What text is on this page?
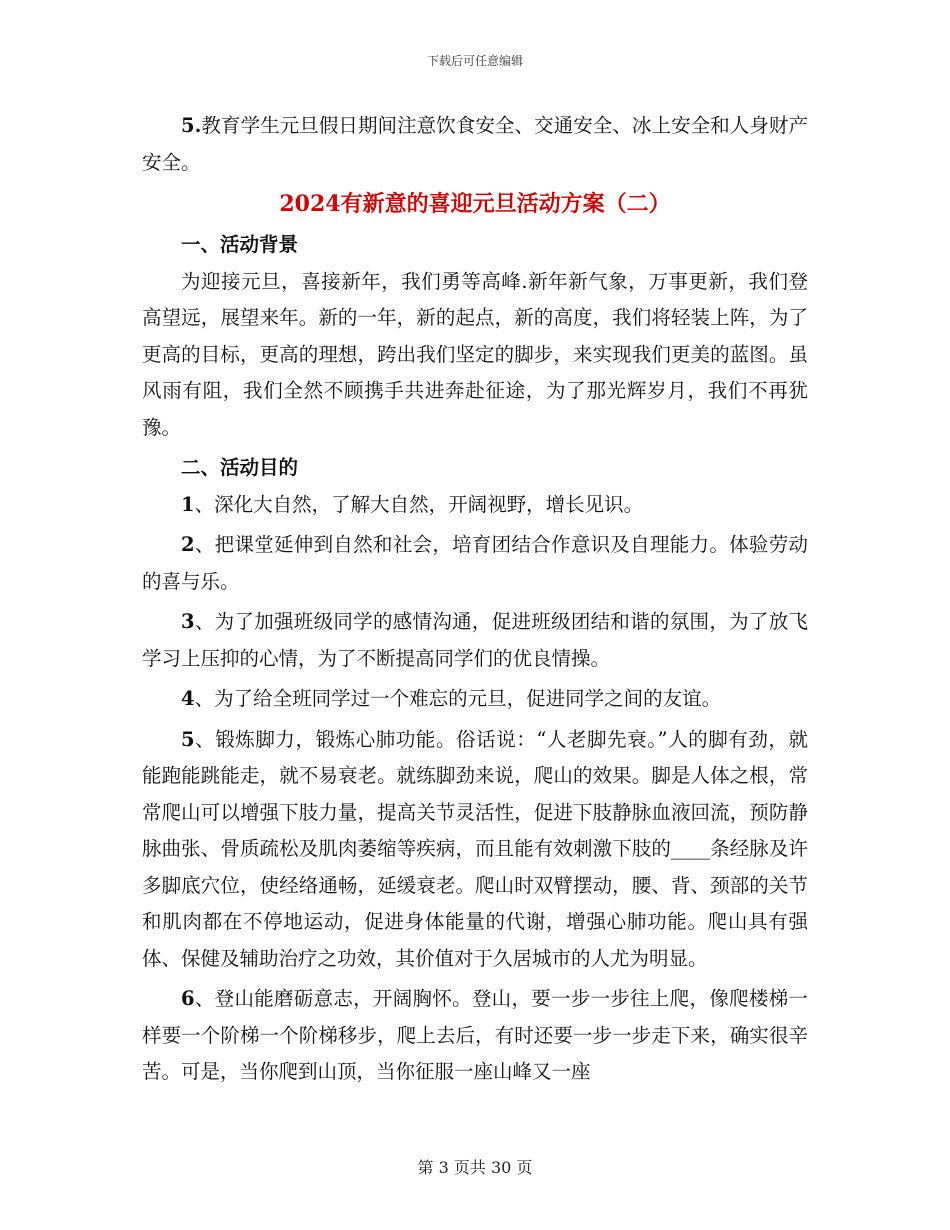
下载后可任意编辑

5.教育学生元旦假日期间注意饮食安全、交通安全、冰上安全和人身财产安全。

2024有新意的喜迎元旦活动方案（二）

一、活动背景

为迎接元旦，喜接新年，我们勇等高峰.新年新气象，万事更新，我们登高望远，展望来年。新的一年，新的起点，新的高度，我们将轻装上阵，为了更高的目标，更高的理想，跨出我们坚定的脚步，来实现我们更美的蓝图。虽风雨有阻，我们全然不顾携手共进奔赴征途，为了那光辉岁月，我们不再犹豫。

二、活动目的

1、深化大自然，了解大自然，开阔视野，增长见识。

2、把课堂延伸到自然和社会，培育团结合作意识及自理能力。体验劳动的喜与乐。

3、为了加强班级同学的感情沟通，促进班级团结和谐的氛围，为了放飞学习上压抑的心情，为了不断提高同学们的优良情操。

4、为了给全班同学过一个难忘的元旦，促进同学之间的友谊。

5、锻炼脚力，锻炼心肺功能。俗话说：“人老脚先衰。”人的脚有劲，就能跑能跳能走，就不易衰老。就练脚劲来说，爬山的效果。脚是人体之根，常常爬山可以增强下肢力量，提高关节灵活性，促进下肢静脉血液回流，预防静脉曲张、骨质疏松及肌肉萎缩等疾病，而且能有效刺激下肢的____条经脉及许多脚底穴位，使经络通畅，延缓衰老。爬山时双臂摆动，腰、背、颈部的关节和肌肉都在不停地运动，促进身体能量的代谢，增强心肺功能。爬山具有强体、保健及辅助治疗之功效，其价值对于久居城市的人尤为明显。

6、登山能磨砺意志，开阔胸怀。登山，要一步一步往上爬，像爬楼梯一样要一个阶梯一个阶梯移步，爬上去后，有时还要一步一步走下来，确实很辛苦。可是，当你爬到山顶，当你征服一座山峰又一座

第 3 页共 30 页
